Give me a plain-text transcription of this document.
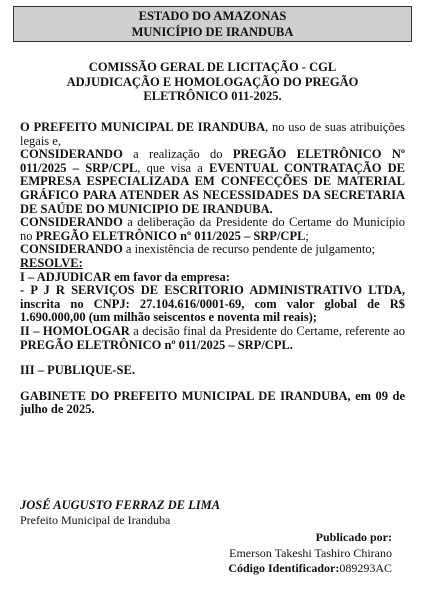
ESTADO DO AMAZONAS
MUNICÍPIO DE IRANDUBA
COMISSÃO GERAL DE LICITAÇÃO - CGL
ADJUDICAÇÃO E HOMOLOGAÇÃO DO PREGÃO
ELETRÔNICO 011-2025.

O PREFEITO MUNICIPAL DE IRANDUBA, no uso de suas atribuições legais e,

CONSIDERANDO a realização do PREGÃO ELETRÔNICO Nº 011/2025 – SRP/CPL, que visa a EVENTUAL CONTRATAÇÃO DE EMPRESA ESPECIALIZADA EM CONFECÇÕES DE MATERIAL GRÁFICO PARA ATENDER AS NECESSIDADES DA SECRETARIA DE SAÚDE DO MUNICIPIO DE IRANDUBA.

CONSIDERANDO a deliberação da Presidente do Certame do Município no PREGÃO ELETRÔNICO nº 011/2025 – SRP/CPL;

CONSIDERANDO a inexistência de recurso pendente de julgamento;

RESOLVE:

I – ADJUDICAR em favor da empresa:

- P J R SERVIÇOS DE ESCRITORIO ADMINISTRATIVO LTDA, inscrita no CNPJ: 27.104.616/0001-69, com valor global de R$ 1.690.000,00 (um milhão seiscentos e noventa mil reais);

II – HOMOLOGAR a decisão final da Presidente do Certame, referente ao PREGÃO ELETRÔNICO nº 011/2025 – SRP/CPL.

III – PUBLIQUE-SE.

GABINETE DO PREFEITO MUNICIPAL DE IRANDUBA, em 09 de julho de 2025.

JOSÉ AUGUSTO FERRAZ DE LIMA
Prefeito Municipal de Iranduba
Publicado por:
Emerson Takeshi Tashiro Chirano
Código Identificador:089293AC
